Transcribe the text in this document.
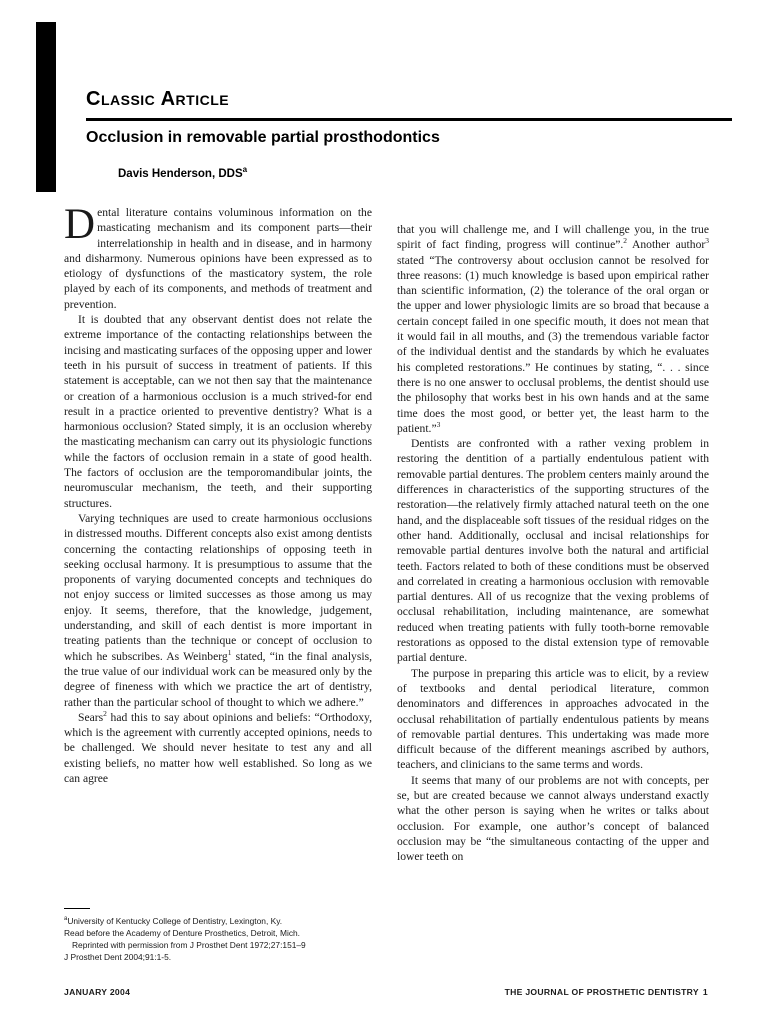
Classic Article
Occlusion in removable partial prosthodontics
Davis Henderson, DDS$^a$

Dental literature contains voluminous information on the masticating mechanism and its component parts—their interrelationship in health and in disease, and in harmony and disharmony. Numerous opinions have been expressed as to etiology of dysfunctions of the masticatory system, the role played by each of its components, and methods of treatment and prevention.

It is doubted that any observant dentist does not relate the extreme importance of the contacting relationships between the incising and masticating surfaces of the opposing upper and lower teeth in his pursuit of success in treatment of patients. If this statement is acceptable, can we not then say that the maintenance or creation of a harmonious occlusion is a much strived-for end result in a practice oriented to preventive dentistry? What is a harmonious occlusion? Stated simply, it is an occlusion whereby the masticating mechanism can carry out its physiologic functions while the factors of occlusion remain in a state of good health. The factors of occlusion are the temporomandibular joints, the neuromuscular mechanism, the teeth, and their supporting structures.

Varying techniques are used to create harmonious occlusions in distressed mouths. Different concepts also exist among dentists concerning the contacting relationships of opposing teeth in seeking occlusal harmony. It is presumptious to assume that the proponents of varying documented concepts and techniques do not enjoy success or limited successes as those among us may enjoy. It seems, therefore, that the knowledge, judgement, understanding, and skill of each dentist is more important in treating patients than the technique or concept of occlusion to which he subscribes. As Weinberg$^1$ stated, “in the final analysis, the true value of our individual work can be measured only by the degree of fineness with which we practice the art of dentistry, rather than the particular school of thought to which we adhere.”

Sears$^2$ had this to say about opinions and beliefs: “Orthodoxy, which is the agreement with currently accepted opinions, needs to be challenged. We should never hesitate to test any and all existing beliefs, no matter how well established. So long as we can agree

that you will challenge me, and I will challenge you, in the true spirit of fact finding, progress will continue”.$^2$ Another author$^3$ stated “The controversy about occlusion cannot be resolved for three reasons: (1) much knowledge is based upon empirical rather than scientific information, (2) the tolerance of the oral organ or the upper and lower physiologic limits are so broad that because a certain concept failed in one specific mouth, it does not mean that it would fail in all mouths, and (3) the tremendous variable factor of the individual dentist and the standards by which he evaluates his completed restorations.” He continues by stating, “. . . since there is no one answer to occlusal problems, the dentist should use the philosophy that works best in his own hands and at the same time does the most good, or better yet, the least harm to the patient.”$^3$

Dentists are confronted with a rather vexing problem in restoring the dentition of a partially endentulous patient with removable partial dentures. The problem centers mainly around the differences in characteristics of the supporting structures of the restoration—the relatively firmly attached natural teeth on the one hand, and the displaceable soft tissues of the residual ridges on the other hand. Additionally, occlusal and incisal relationships for removable partial dentures involve both the natural and artificial teeth. Factors related to both of these conditions must be observed and correlated in creating a harmonious occlusion with removable partial dentures. All of us recognize that the vexing problems of occlusal rehabilitation, including maintenance, are somewhat reduced when treating patients with fully tooth-borne removable restorations as opposed to the distal extension type of removable partial denture.

The purpose in preparing this article was to elicit, by a review of textbooks and dental periodical literature, common denominators and differences in approaches advocated in the occlusal rehabilitation of partially endentulous patients by means of removable partial dentures. This undertaking was made more difficult because of the different meanings ascribed by authors, teachers, and clinicians to the same terms and words.

It seems that many of our problems are not with concepts, per se, but are created because we cannot always understand exactly what the other person is saying when he writes or talks about occlusion. For example, one author’s concept of balanced occlusion may be “the simultaneous contacting of the upper and lower teeth on

$^a$University of Kentucky College of Dentistry, Lexington, Ky.
Read before the Academy of Denture Prosthetics, Detroit, Mich.
Reprinted with permission from J Prosthet Dent 1972;27:151–9
J Prosthet Dent 2004;91:1-5.
JANUARY 2004	THE JOURNAL OF PROSTHETIC DENTISTRY 1
